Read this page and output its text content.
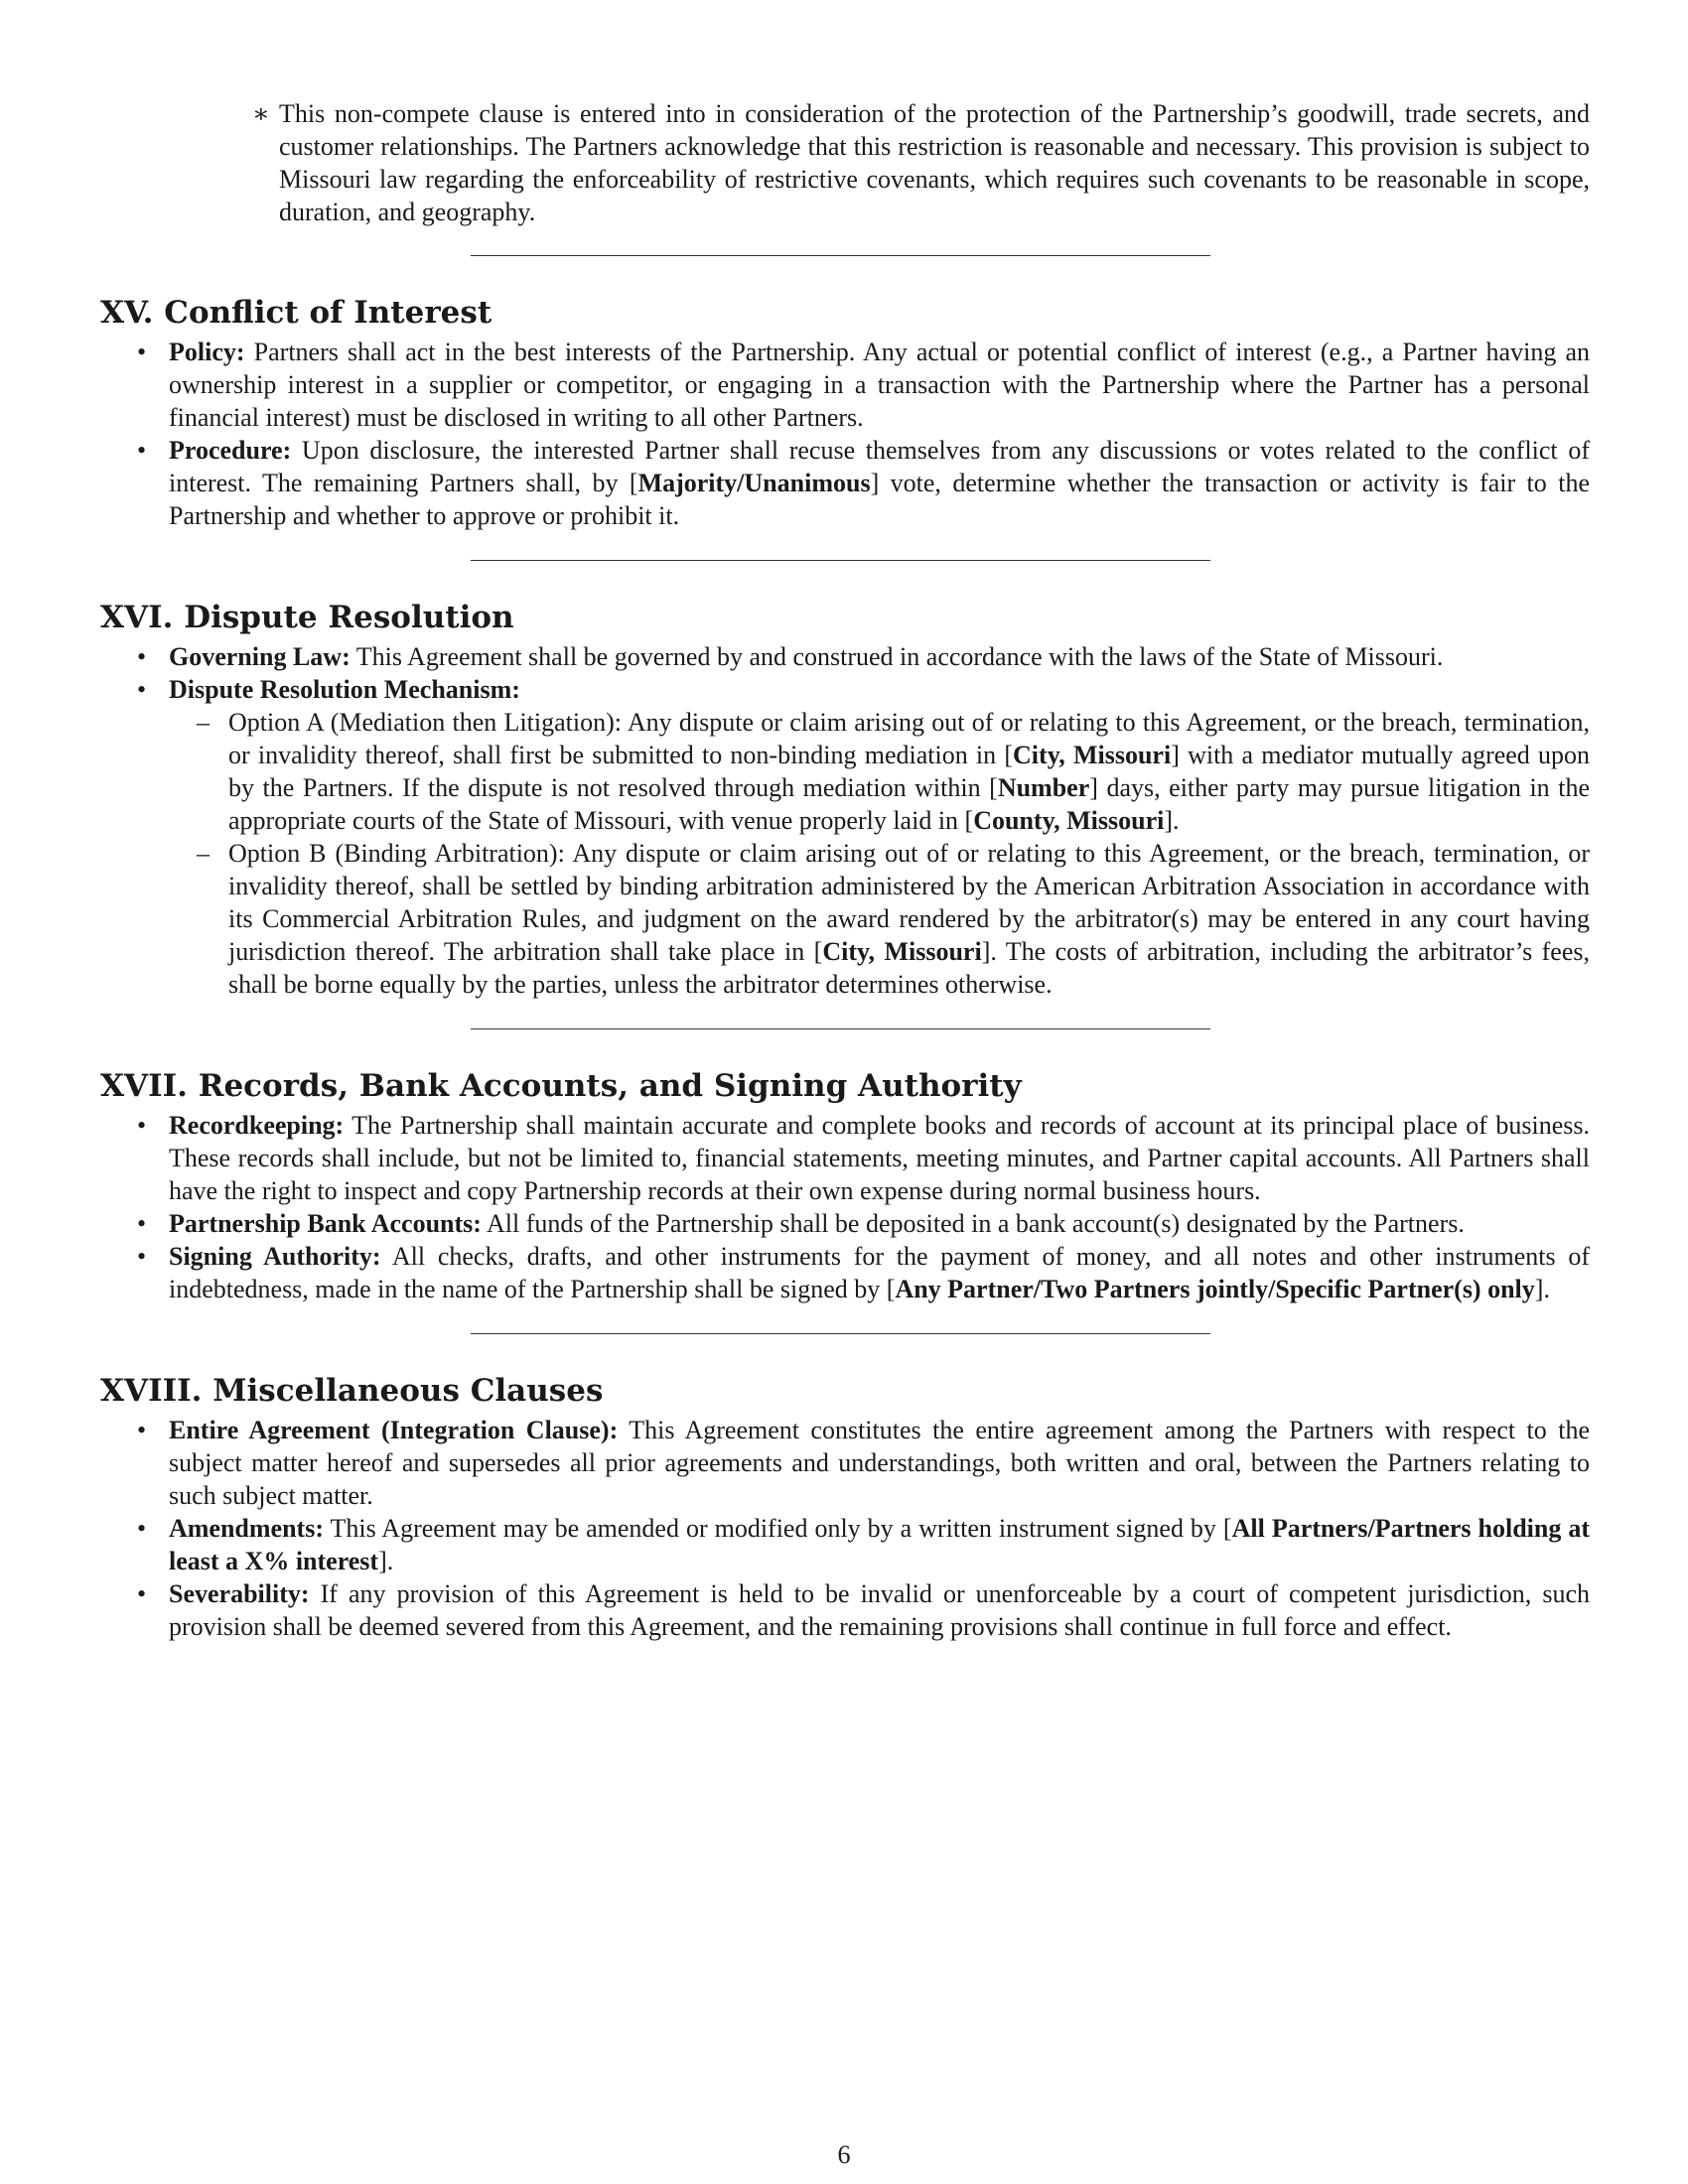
∗ This non-compete clause is entered into in consideration of the protection of the Partnership’s goodwill, trade secrets, and customer relationships. The Partners acknowledge that this restriction is reasonable and necessary. This provision is subject to Missouri law regarding the enforceability of restrictive covenants, which requires such covenants to be reasonable in scope, duration, and geography.

XV. Conflict of Interest
• Policy: Partners shall act in the best interests of the Partnership. Any actual or potential conflict of interest (e.g., a Partner having an ownership interest in a supplier or competitor, or engaging in a transaction with the Partnership where the Partner has a personal financial interest) must be disclosed in writing to all other Partners.
• Procedure: Upon disclosure, the interested Partner shall recuse themselves from any discussions or votes related to the conflict of interest. The remaining Partners shall, by [Majority/Unanimous] vote, determine whether the transaction or activity is fair to the Partnership and whether to approve or prohibit it.
XVI. Dispute Resolution
• Governing Law: This Agreement shall be governed by and construed in accordance with the laws of the State of Missouri.
• Dispute Resolution Mechanism:
– Option A (Mediation then Litigation): Any dispute or claim arising out of or relating to this Agreement, or the breach, termination, or invalidity thereof, shall first be submitted to non-binding mediation in [City, Missouri] with a mediator mutually agreed upon by the Partners. If the dispute is not resolved through mediation within [Number] days, either party may pursue litigation in the appropriate courts of the State of Missouri, with venue properly laid in [County, Missouri].
– Option B (Binding Arbitration): Any dispute or claim arising out of or relating to this Agreement, or the breach, termination, or invalidity thereof, shall be settled by binding arbitration administered by the American Arbitration Association in accordance with its Commercial Arbitration Rules, and judgment on the award rendered by the arbitrator(s) may be entered in any court having jurisdiction thereof. The arbitration shall take place in [City, Missouri]. The costs of arbitration, including the arbitrator’s fees, shall be borne equally by the parties, unless the arbitrator determines otherwise.
XVII. Records, Bank Accounts, and Signing Authority
• Recordkeeping: The Partnership shall maintain accurate and complete books and records of account at its principal place of business. These records shall include, but not be limited to, financial statements, meeting minutes, and Partner capital accounts. All Partners shall have the right to inspect and copy Partnership records at their own expense during normal business hours.
• Partnership Bank Accounts: All funds of the Partnership shall be deposited in a bank account(s) designated by the Partners.
• Signing Authority: All checks, drafts, and other instruments for the payment of money, and all notes and other instruments of indebtedness, made in the name of the Partnership shall be signed by [Any Partner/Two Partners jointly/Specific Partner(s) only].
XVIII. Miscellaneous Clauses
• Entire Agreement (Integration Clause): This Agreement constitutes the entire agreement among the Partners with respect to the subject matter hereof and supersedes all prior agreements and understandings, both written and oral, between the Partners relating to such subject matter.
• Amendments: This Agreement may be amended or modified only by a written instrument signed by [All Partners/Partners holding at least a X% interest].
• Severability: If any provision of this Agreement is held to be invalid or unenforceable by a court of competent jurisdiction, such provision shall be deemed severed from this Agreement, and the remaining provisions shall continue in full force and effect.
6
